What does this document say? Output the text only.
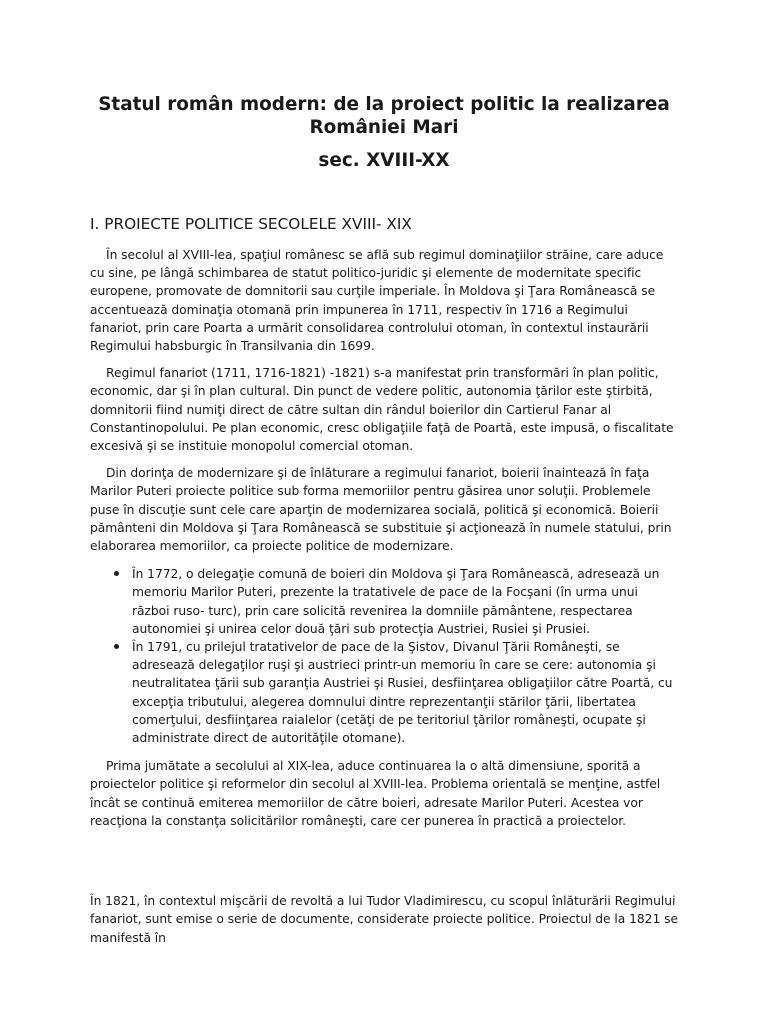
Statul român modern: de la proiect politic la realizarea României Mari
sec. XVIII-XX
I. PROIECTE POLITICE SECOLELE XVIII- XIX

În secolul al XVIII-lea, spaţiul românesc se află sub regimul dominaţiilor străine, care aduce cu sine, pe lângă schimbarea de statut politico-juridic şi elemente de modernitate specific europene, promovate de domnitorii sau curţile imperiale. În Moldova şi Ţara Românească se accentuează dominaţia otomană prin impunerea în 1711, respectiv în 1716 a Regimului fanariot, prin care Poarta a urmărit consolidarea controlului otoman, în contextul instaurării Regimului habsburgic în Transilvania din 1699.

Regimul fanariot (1711, 1716-1821) -1821) s-a manifestat prin transformări în plan politic, economic, dar şi în plan cultural. Din punct de vedere politic, autonomia ţărilor este ştirbită, domnitorii fiind numiţi direct de către sultan din rândul boierilor din Cartierul Fanar al Constantinopolului. Pe plan economic, cresc obligaţiile faţă de Poartă, este impusă, o fiscalitate excesivă şi se instituie monopolul comercial otoman.

Din dorinţa de modernizare şi de înlăturare a regimului fanariot, boierii înaintează în faţa Marilor Puteri proiecte politice sub forma memoriilor pentru găsirea unor soluţii. Problemele puse în discuţie sunt cele care aparţin de modernizarea socială, politică şi economică. Boierii pământeni din Moldova şi Ţara Românească se substituie şi acţionează în numele statului, prin elaborarea memoriilor, ca proiecte politice de modernizare.

În 1772, o delegaţie comună de boieri din Moldova şi Ţara Românească, adresează un memoriu Marilor Puteri, prezente la tratativele de pace de la Focşani (în urma unui război ruso- turc), prin care solicită revenirea la domniile pământene, respectarea autonomiei şi unirea celor două ţări sub protecţia Austriei, Rusiei şi Prusiei.
În 1791, cu prilejul tratativelor de pace de la Şistov, Divanul Ţării Româneşti, se adresează delegaţilor ruşi şi austrieci printr-un memoriu în care se cere: autonomia şi neutralitatea ţării sub garanţia Austriei şi Rusiei, desfiinţarea obligaţiilor către Poartă, cu excepţia tributului, alegerea domnului dintre reprezentanţii stărilor ţării, libertatea comerţului, desfiinţarea raialelor (cetăţi de pe teritoriul ţărilor româneşti, ocupate şi administrate direct de autorităţile otomane).

Prima jumătate a secolului al XIX-lea, aduce continuarea la o altă dimensiune, sporită a proiectelor politice şi reformelor din secolul al XVIII-lea. Problema orientală se menţine, astfel încât se continuă emiterea memoriilor de către boieri, adresate Marilor Puteri. Acestea vor reacţiona la constanţa solicitărilor româneşti, care cer punerea în practică a proiectelor.

În 1821, în contextul mişcării de revoltă a lui Tudor Vladimirescu, cu scopul înlăturării Regimului fanariot, sunt emise o serie de documente, considerate proiecte politice. Proiectul de la 1821 se manifestă în
